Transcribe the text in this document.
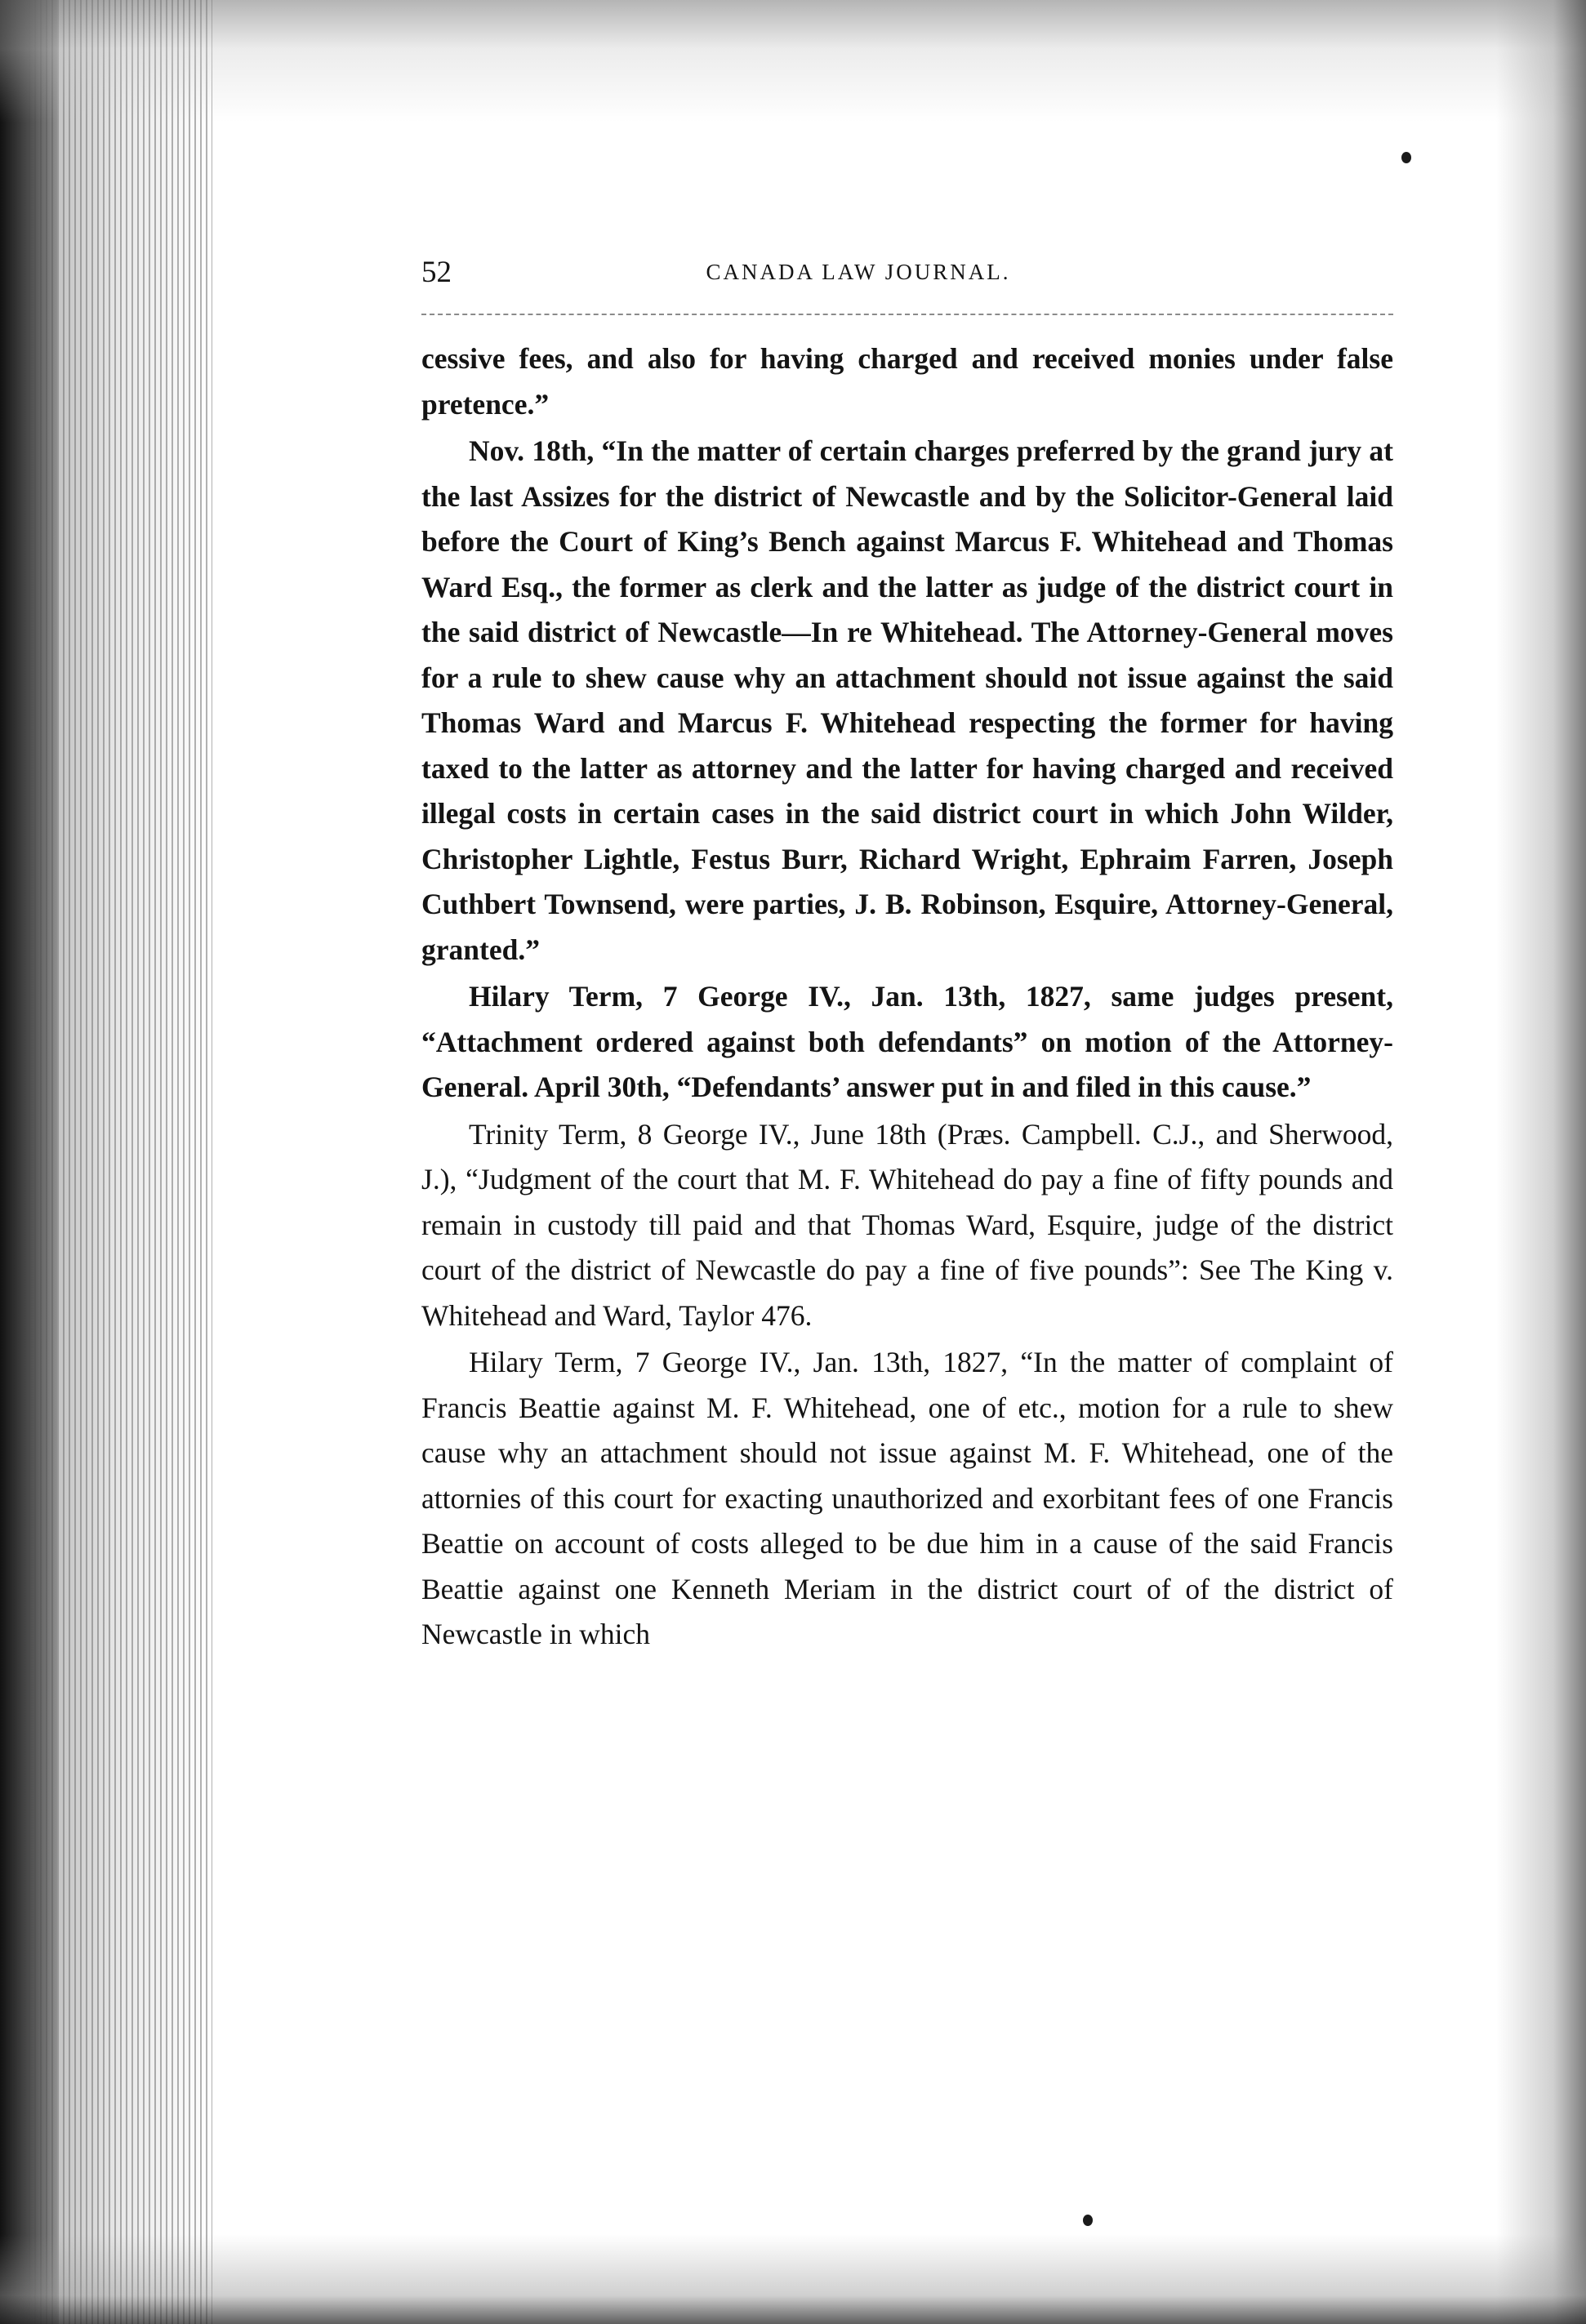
52	CANADA LAW JOURNAL.

cessive fees, and also for having charged and received monies under false pretence.”

Nov. 18th, “In the matter of certain charges preferred by the grand jury at the last Assizes for the district of Newcastle and by the Solicitor-General laid before the Court of King’s Bench against Marcus F. Whitehead and Thomas Ward Esq., the former as clerk and the latter as judge of the district court in the said district of Newcastle—In re Whitehead. The Attorney-General moves for a rule to shew cause why an attachment should not issue against the said Thomas Ward and Marcus F. Whitehead respecting the former for having taxed to the latter as attorney and the latter for having charged and received illegal costs in certain cases in the said district court in which John Wilder, Christopher Lightle, Festus Burr, Richard Wright, Ephraim Farren, Joseph Cuthbert Townsend, were parties, J. B. Robinson, Esquire, Attorney-General, granted.”

Hilary Term, 7 George IV., Jan. 13th, 1827, same judges present, “Attachment ordered against both defendants” on motion of the Attorney-General. April 30th, “Defendants’ answer put in and filed in this cause.”

Trinity Term, 8 George IV., June 18th (Præs. Campbell. C.J., and Sherwood, J.), “Judgment of the court that M. F. Whitehead do pay a fine of fifty pounds and remain in custody till paid and that Thomas Ward, Esquire, judge of the district court of the district of Newcastle do pay a fine of five pounds”: See The King v. Whitehead and Ward, Taylor 476.

Hilary Term, 7 George IV., Jan. 13th, 1827, “In the matter of complaint of Francis Beattie against M. F. Whitehead, one of etc., motion for a rule to shew cause why an attachment should not issue against M. F. Whitehead, one of the attornies of this court for exacting unauthorized and exorbitant fees of one Francis Beattie on account of costs alleged to be due him in a cause of the said Francis Beattie against one Kenneth Meriam in the district court of of the district of Newcastle in which
